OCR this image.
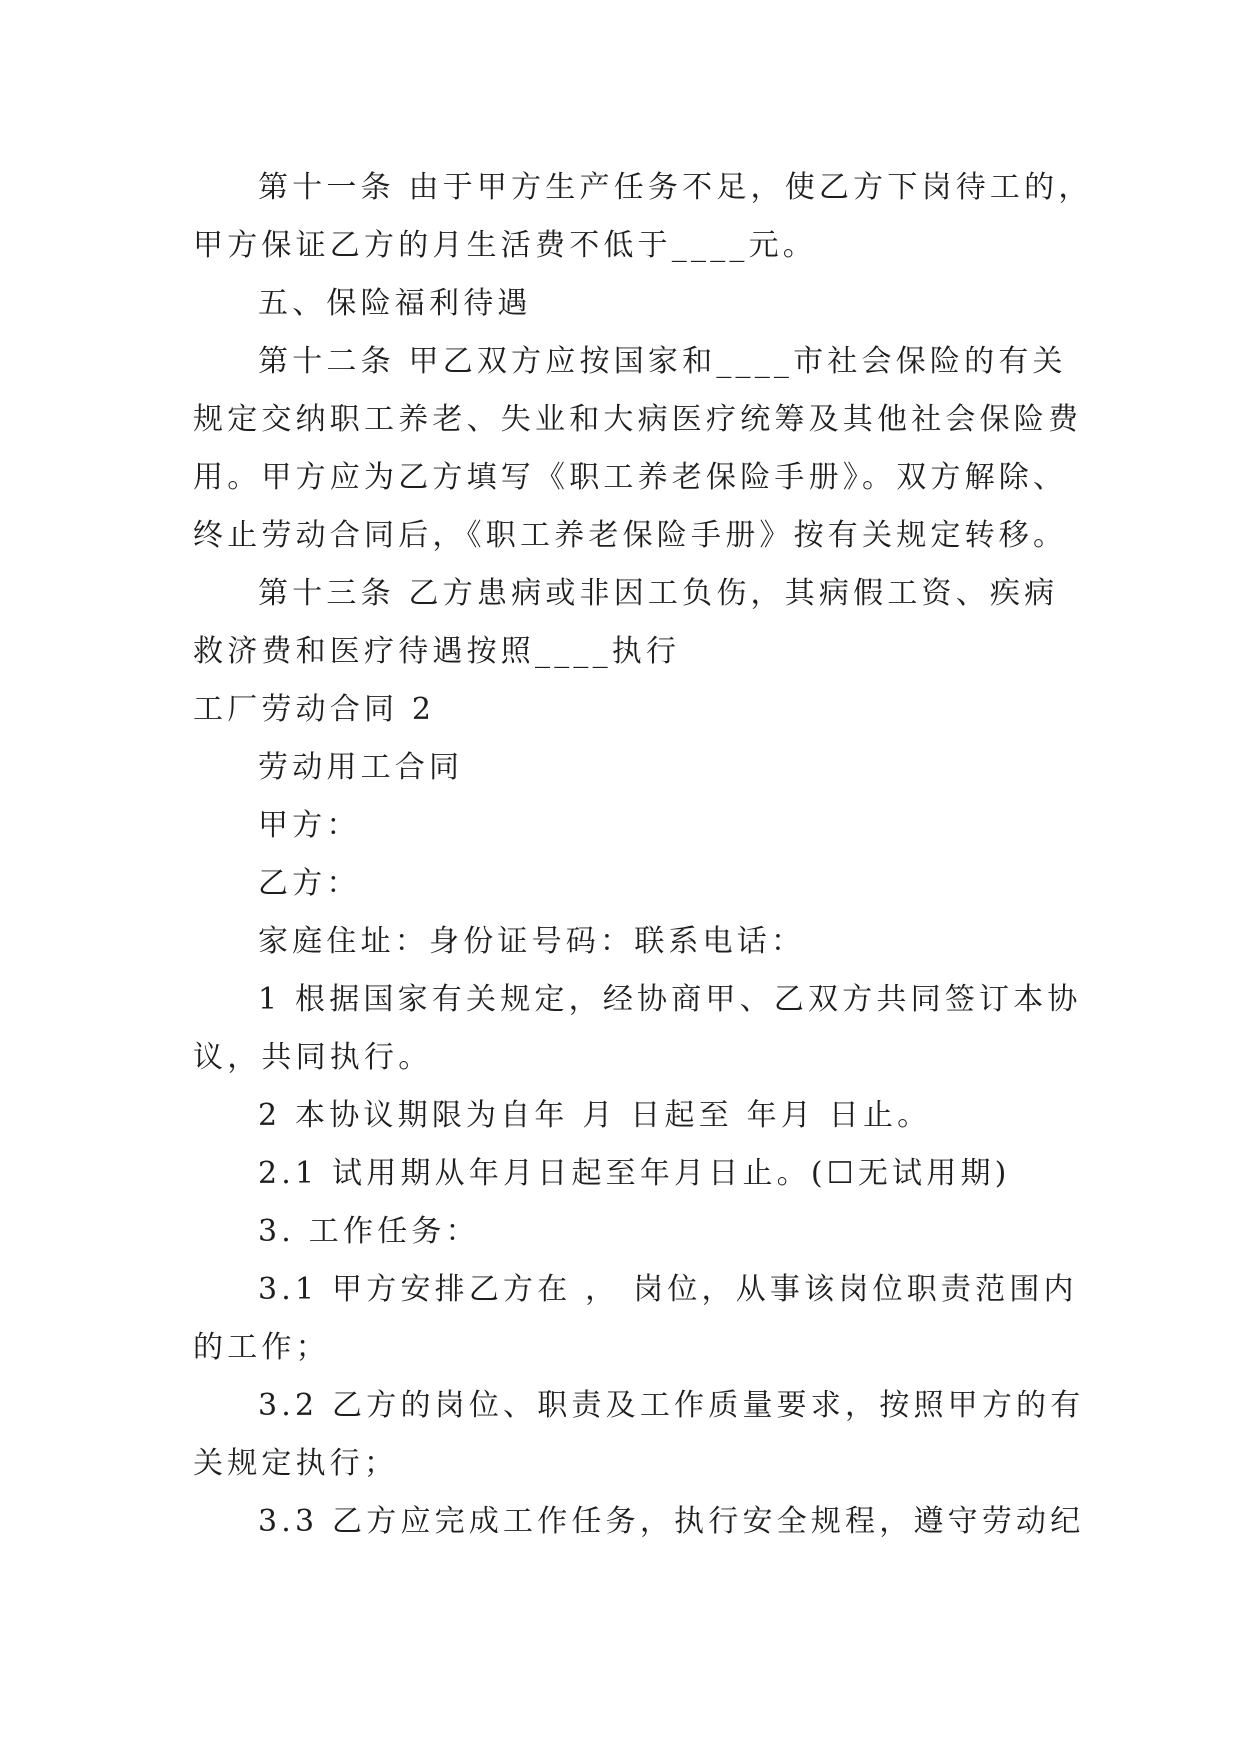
第十一条 由于甲方生产任务不足，使乙方下岗待工的，
甲方保证乙方的月生活费不低于____元。
五、保险福利待遇
第十二条 甲乙双方应按国家和____市社会保险的有关
规定交纳职工养老、失业和大病医疗统筹及其他社会保险费
用。甲方应为乙方填写《职工养老保险手册》。双方解除、
终止劳动合同后，《职工养老保险手册》按有关规定转移。
第十三条 乙方患病或非因工负伤，其病假工资、疾病
救济费和医疗待遇按照____执行
工厂劳动合同 2
劳动用工合同
甲方：
乙方：
家庭住址：身份证号码：联系电话：
1 根据国家有关规定，经协商甲、乙双方共同签订本协
议，共同执行。
2 本协议期限为自年 月 日起至 年月 日止。
2.1 试用期从年月日起至年月日止。(☐无试用期)
3. 工作任务：
3.1 甲方安排乙方在 ， 岗位，从事该岗位职责范围内
的工作；
3.2 乙方的岗位、职责及工作质量要求，按照甲方的有
关规定执行；
3.3 乙方应完成工作任务，执行安全规程，遵守劳动纪
